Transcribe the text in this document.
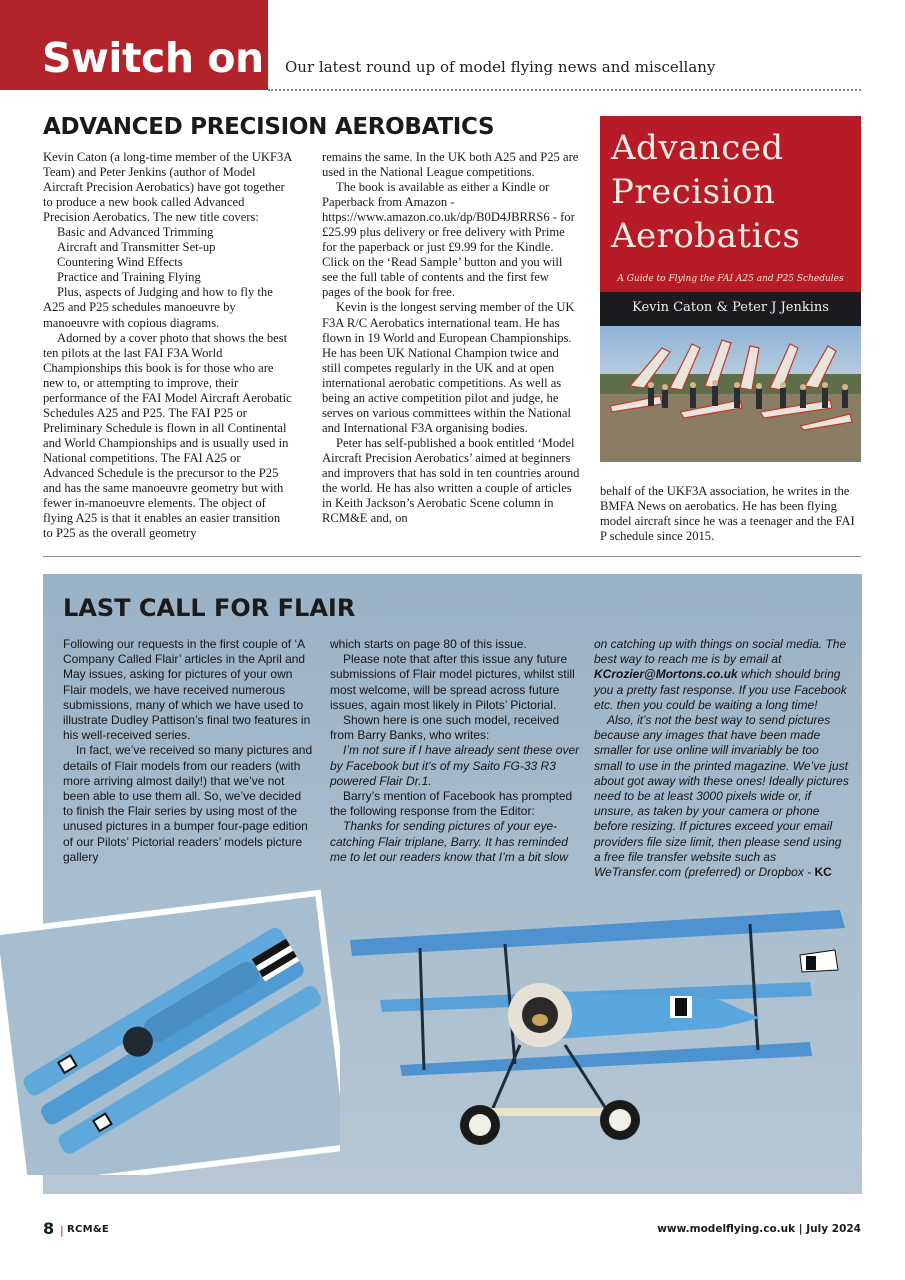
Switch on Our latest round up of model flying news and miscellany
ADVANCED PRECISION AEROBATICS

Kevin Caton (a long-time member of the UKF3A Team) and Peter Jenkins (author of Model Aircraft Precision Aerobatics) have got together to produce a new book called Advanced Precision Aerobatics. The new title covers:

Basic and Advanced Trimming

Aircraft and Transmitter Set-up

Countering Wind Effects

Practice and Training Flying

Plus, aspects of Judging and how to fly the A25 and P25 schedules manoeuvre by manoeuvre with copious diagrams.

Adorned by a cover photo that shows the best ten pilots at the last FAI F3A World Championships this book is for those who are new to, or attempting to improve, their performance of the FAI Model Aircraft Aerobatic Schedules A25 and P25. The FAI P25 or Preliminary Schedule is flown in all Continental and World Championships and is usually used in National competitions. The FAI A25 or Advanced Schedule is the precursor to the P25 and has the same manoeuvre geometry but with fewer in-manoeuvre elements. The object of flying A25 is that it enables an easier transition to P25 as the overall geometry

remains the same. In the UK both A25 and P25 are used in the National League competitions.

The book is available as either a Kindle or Paperback from Amazon - https://www.amazon.co.uk/dp/B0D4JBRRS6 - for £25.99 plus delivery or free delivery with Prime for the paperback or just £9.99 for the Kindle. Click on the ‘Read Sample’ button and you will see the full table of contents and the first few pages of the book for free.

Kevin is the longest serving member of the UK F3A R/C Aerobatics international team. He has flown in 19 World and European Championships. He has been UK National Champion twice and still competes regularly in the UK and at open international aerobatic competitions. As well as being an active competition pilot and judge, he serves on various committees within the National and International F3A organising bodies.

Peter has self-published a book entitled ‘Model Aircraft Precision Aerobatics’ aimed at beginners and improvers that has sold in ten countries around the world. He has also written a couple of articles in Keith Jackson’s Aerobatic Scene column in RCM&E and, on

Advanced
Precision
Aerobatics
A Guide to Flying the FAI A25 and P25 Schedules
Kevin Caton & Peter J Jenkins

behalf of the UKF3A association, he writes in the BMFA News on aerobatics. He has been flying model aircraft since he was a teenager and the FAI P schedule since 2015.

LAST CALL FOR FLAIR

Following our requests in the first couple of ‘A Company Called Flair’ articles in the April and May issues, asking for pictures of your own Flair models, we have received numerous submissions, many of which we have used to illustrate Dudley Pattison’s final two features in his well-received series.

In fact, we’ve received so many pictures and details of Flair models from our readers (with more arriving almost daily!) that we’ve not been able to use them all. So, we’ve decided to finish the Flair series by using most of the unused pictures in a bumper four-page edition of our Pilots’ Pictorial readers’ models picture gallery

which starts on page 80 of this issue.

Please note that after this issue any future submissions of Flair model pictures, whilst still most welcome, will be spread across future issues, again most likely in Pilots’ Pictorial.

Shown here is one such model, received from Barry Banks, who writes:

I’m not sure if I have already sent these over by Facebook but it’s of my Saito FG-33 R3 powered Flair Dr.1.

Barry’s mention of Facebook has prompted the following response from the Editor:

Thanks for sending pictures of your eye-catching Flair triplane, Barry. It has reminded me to let our readers know that I’m a bit slow

on catching up with things on social media. The best way to reach me is by email at KCrozier@Mortons.co.uk which should bring you a pretty fast response. If you use Facebook etc. then you could be waiting a long time!

Also, it’s not the best way to send pictures because any images that have been made smaller for use online will invariably be too small to use in the printed magazine. We’ve just about got away with these ones! Ideally pictures need to be at least 3000 pixels wide or, if unsure, as taken by your camera or phone before resizing. If pictures exceed your email providers file size limit, then please send using a free file transfer website such as WeTransfer.com (preferred) or Dropbox - KC

8 | RCM&E	www.modelflying.co.uk | July 2024
